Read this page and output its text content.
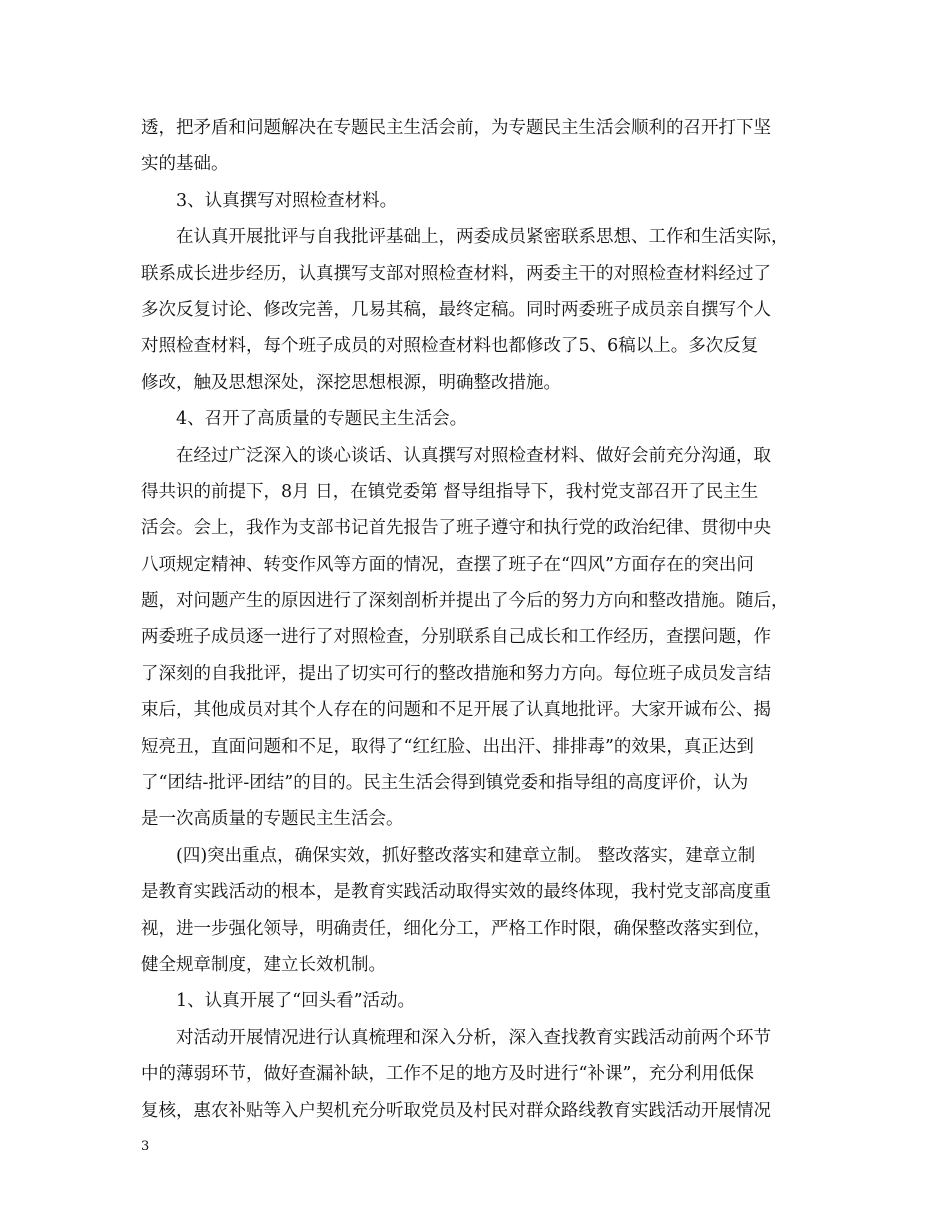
透，把矛盾和问题解决在专题民主生活会前，为专题民主生活会顺利的召开打下坚
实的基础。
3、认真撰写对照检查材料。
在认真开展批评与自我批评基础上，两委成员紧密联系思想、工作和生活实际，
联系成长进步经历，认真撰写支部对照检查材料，两委主干的对照检查材料经过了
多次反复讨论、修改完善，几易其稿，最终定稿。同时两委班子成员亲自撰写个人
对照检查材料，每个班子成员的对照检查材料也都修改了5、6稿以上。多次反复
修改，触及思想深处，深挖思想根源，明确整改措施。
4、召开了高质量的专题民主生活会。
在经过广泛深入的谈心谈话、认真撰写对照检查材料、做好会前充分沟通，取
得共识的前提下，8月 日，在镇党委第 督导组指导下，我村党支部召开了民主生
活会。会上，我作为支部书记首先报告了班子遵守和执行党的政治纪律、贯彻中央
八项规定精神、转变作风等方面的情况，查摆了班子在“四风”方面存在的突出问
题，对问题产生的原因进行了深刻剖析并提出了今后的努力方向和整改措施。随后，
两委班子成员逐一进行了对照检查，分别联系自己成长和工作经历，查摆问题，作
了深刻的自我批评，提出了切实可行的整改措施和努力方向。每位班子成员发言结
束后，其他成员对其个人存在的问题和不足开展了认真地批评。大家开诚布公、揭
短亮丑，直面问题和不足，取得了“红红脸、出出汗、排排毒”的效果，真正达到
了“团结-批评-团结”的目的。民主生活会得到镇党委和指导组的高度评价，认为
是一次高质量的专题民主生活会。
(四)突出重点，确保实效，抓好整改落实和建章立制。 整改落实，建章立制
是教育实践活动的根本，是教育实践活动取得实效的最终体现，我村党支部高度重
视，进一步强化领导，明确责任，细化分工，严格工作时限，确保整改落实到位，
健全规章制度，建立长效机制。
1、认真开展了“回头看”活动。
对活动开展情况进行认真梳理和深入分析，深入查找教育实践活动前两个环节
中的薄弱环节，做好查漏补缺，工作不足的地方及时进行“补课”，充分利用低保
复核，惠农补贴等入户契机充分听取党员及村民对群众路线教育实践活动开展情况
3
